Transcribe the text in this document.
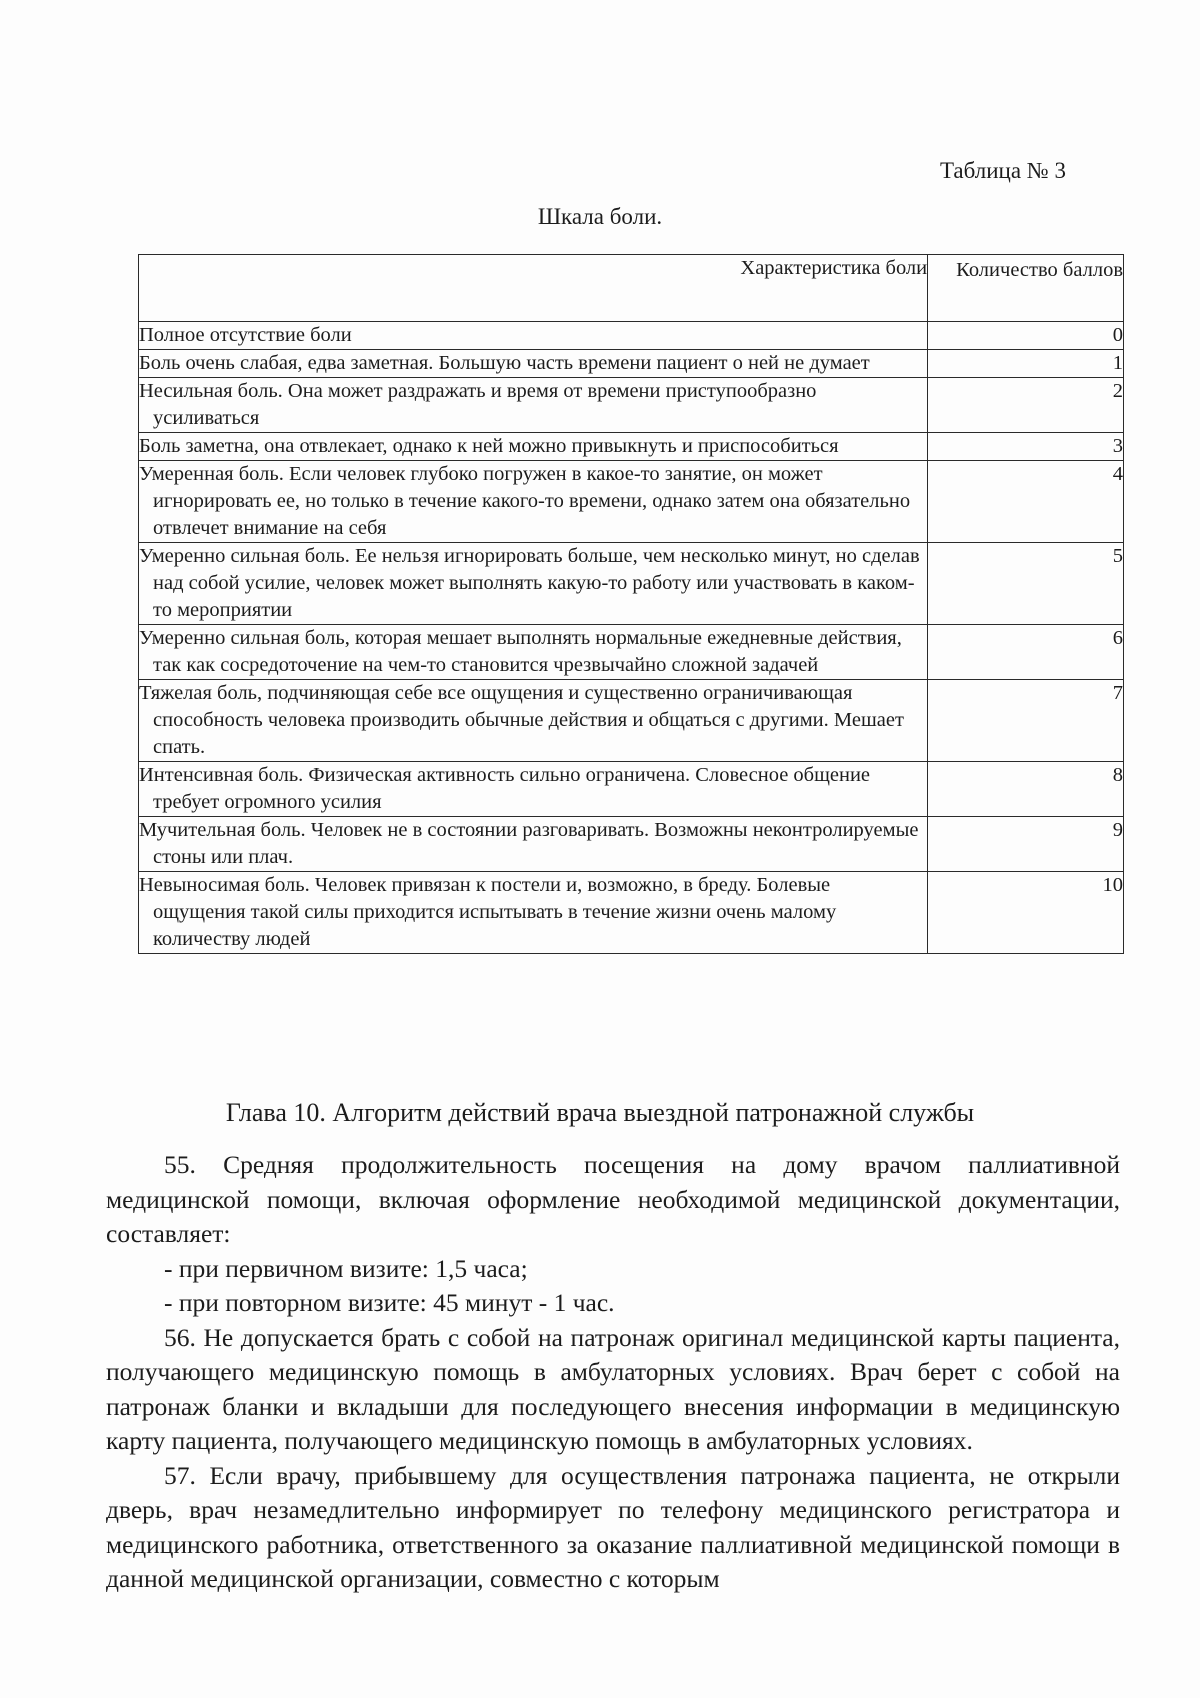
Таблица № 3
Шкала боли.
Характеристика боли	Количество баллов

Полное отсутствие боли	0

Боль очень слабая, едва заметная. Большую часть времени пациент о ней не думает	1

Несильная боль. Она может раздражать и время от времени приступообразно усиливаться	2

Боль заметна, она отвлекает, однако к ней можно привыкнуть и приспособиться	3

Умеренная боль. Если человек глубоко погружен в какое-то занятие, он может игнорировать ее, но только в течение какого-то времени, однако затем она обязательно отвлечет внимание на себя	4

Умеренно сильная боль. Ее нельзя игнорировать больше, чем несколько минут, но сделав над собой усилие, человек может выполнять какую-то работу или участвовать в каком-то мероприятии	5

Умеренно сильная боль, которая мешает выполнять нормальные ежедневные действия, так как сосредоточение на чем-то становится чрезвычайно сложной задачей	6

Тяжелая боль, подчиняющая себе все ощущения и существенно ограничивающая способность человека производить обычные действия и общаться с другими. Мешает спать.	7

Интенсивная боль. Физическая активность сильно ограничена. Словесное общение требует огромного усилия	8

Мучительная боль. Человек не в состоянии разговаривать. Возможны неконтролируемые стоны или плач.	9

Невыносимая боль. Человек привязан к постели и, возможно, в бреду. Болевые ощущения такой силы приходится испытывать в течение жизни очень малому количеству людей	10
Глава 10. Алгоритм действий врача выездной патронажной службы

55. Средняя продолжительность посещения на дому врачом паллиативной медицинской помощи, включая оформление необходимой медицинской документации, составляет:

- при первичном визите: 1,5 часа;

- при повторном визите: 45 минут - 1 час.

56. Не допускается брать с собой на патронаж оригинал медицинской карты пациента, получающего медицинскую помощь в амбулаторных условиях. Врач берет с собой на патронаж бланки и вкладыши для последующего внесения информации в медицинскую карту пациента, получающего медицинскую помощь в амбулаторных условиях.

57. Если врачу, прибывшему для осуществления патронажа пациента, не открыли дверь, врач незамедлительно информирует по телефону медицинского регистратора и медицинского работника, ответственного за оказание паллиативной медицинской помощи в данной медицинской организации, совместно с которым
